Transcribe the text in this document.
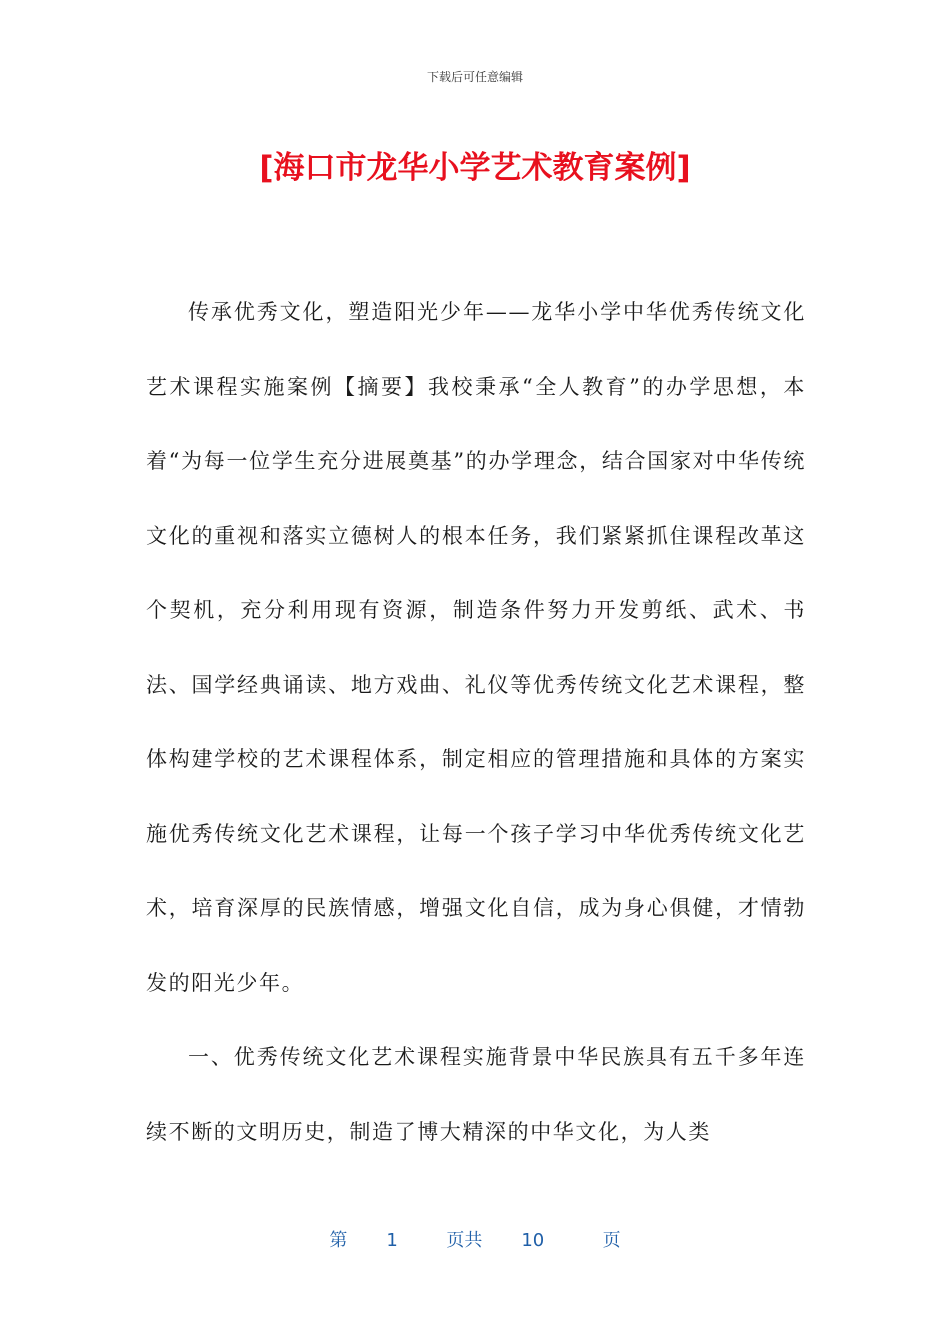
下载后可任意编辑
[海口市龙华小学艺术教育案例]

传承优秀文化，塑造阳光少年——龙华小学中华优秀传统文化艺术课程实施案例【摘要】我校秉承“全人教育”的办学思想，本着“为每一位学生充分进展奠基”的办学理念，结合国家对中华传统文化的重视和落实立德树人的根本任务，我们紧紧抓住课程改革这个契机，充分利用现有资源，制造条件努力开发剪纸、武术、书法、国学经典诵读、地方戏曲、礼仪等优秀传统文化艺术课程，整体构建学校的艺术课程体系，制定相应的管理措施和具体的方案实施优秀传统文化艺术课程，让每一个孩子学习中华优秀传统文化艺术，培育深厚的民族情感，增强文化自信，成为身心俱健，才情勃发的阳光少年。

一、优秀传统文化艺术课程实施背景中华民族具有五千多年连续不断的文明历史，制造了博大精深的中华文化，为人类

第 1	页共 10	页
